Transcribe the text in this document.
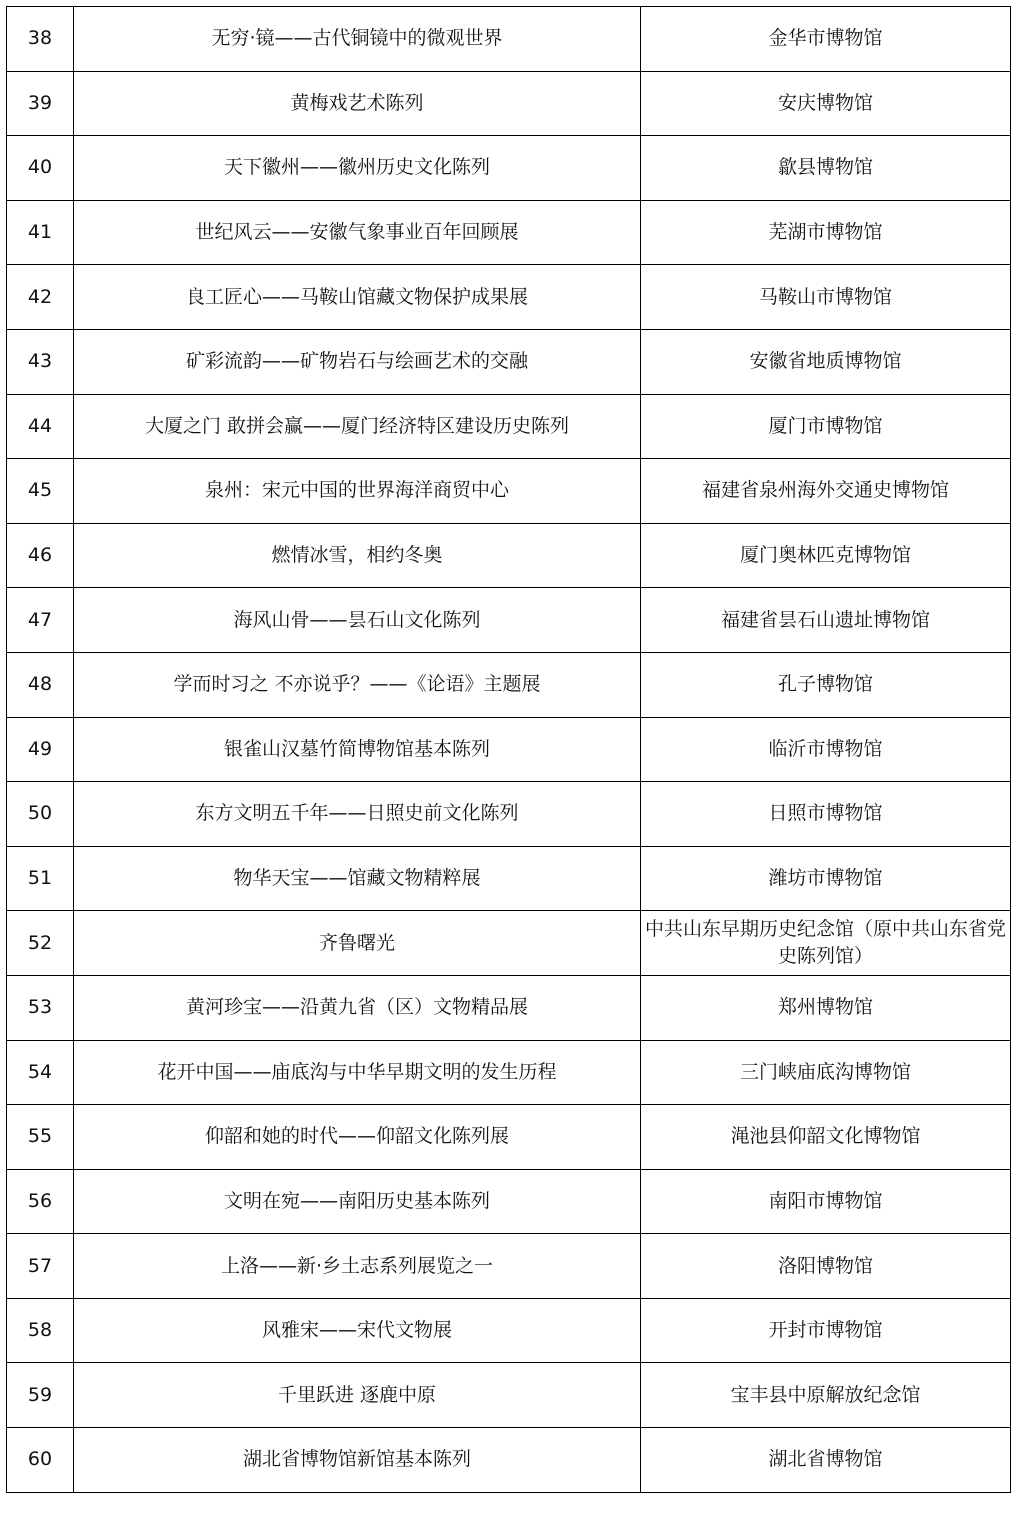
38	无穷·镜——古代铜镜中的微观世界	金华市博物馆
39	黄梅戏艺术陈列	安庆博物馆
40	天下徽州——徽州历史文化陈列	歙县博物馆
41	世纪风云——安徽气象事业百年回顾展	芜湖市博物馆
42	良工匠心——马鞍山馆藏文物保护成果展	马鞍山市博物馆
43	矿彩流韵——矿物岩石与绘画艺术的交融	安徽省地质博物馆
44	大厦之门 敢拼会赢——厦门经济特区建设历史陈列	厦门市博物馆
45	泉州：宋元中国的世界海洋商贸中心	福建省泉州海外交通史博物馆
46	燃情冰雪，相约冬奥	厦门奥林匹克博物馆
47	海风山骨——昙石山文化陈列	福建省昙石山遗址博物馆
48	学而时习之 不亦说乎？——《论语》主题展	孔子博物馆
49	银雀山汉墓竹简博物馆基本陈列	临沂市博物馆
50	东方文明五千年——日照史前文化陈列	日照市博物馆
51	物华天宝——馆藏文物精粹展	潍坊市博物馆
52	齐鲁曙光	中共山东早期历史纪念馆（原中共山东省党史陈列馆）
53	黄河珍宝——沿黄九省（区）文物精品展	郑州博物馆
54	花开中国——庙底沟与中华早期文明的发生历程	三门峡庙底沟博物馆
55	仰韶和她的时代——仰韶文化陈列展	渑池县仰韶文化博物馆
56	文明在宛——南阳历史基本陈列	南阳市博物馆
57	上洛——新·乡土志系列展览之一	洛阳博物馆
58	风雅宋——宋代文物展	开封市博物馆
59	千里跃进 逐鹿中原	宝丰县中原解放纪念馆
60	湖北省博物馆新馆基本陈列	湖北省博物馆
